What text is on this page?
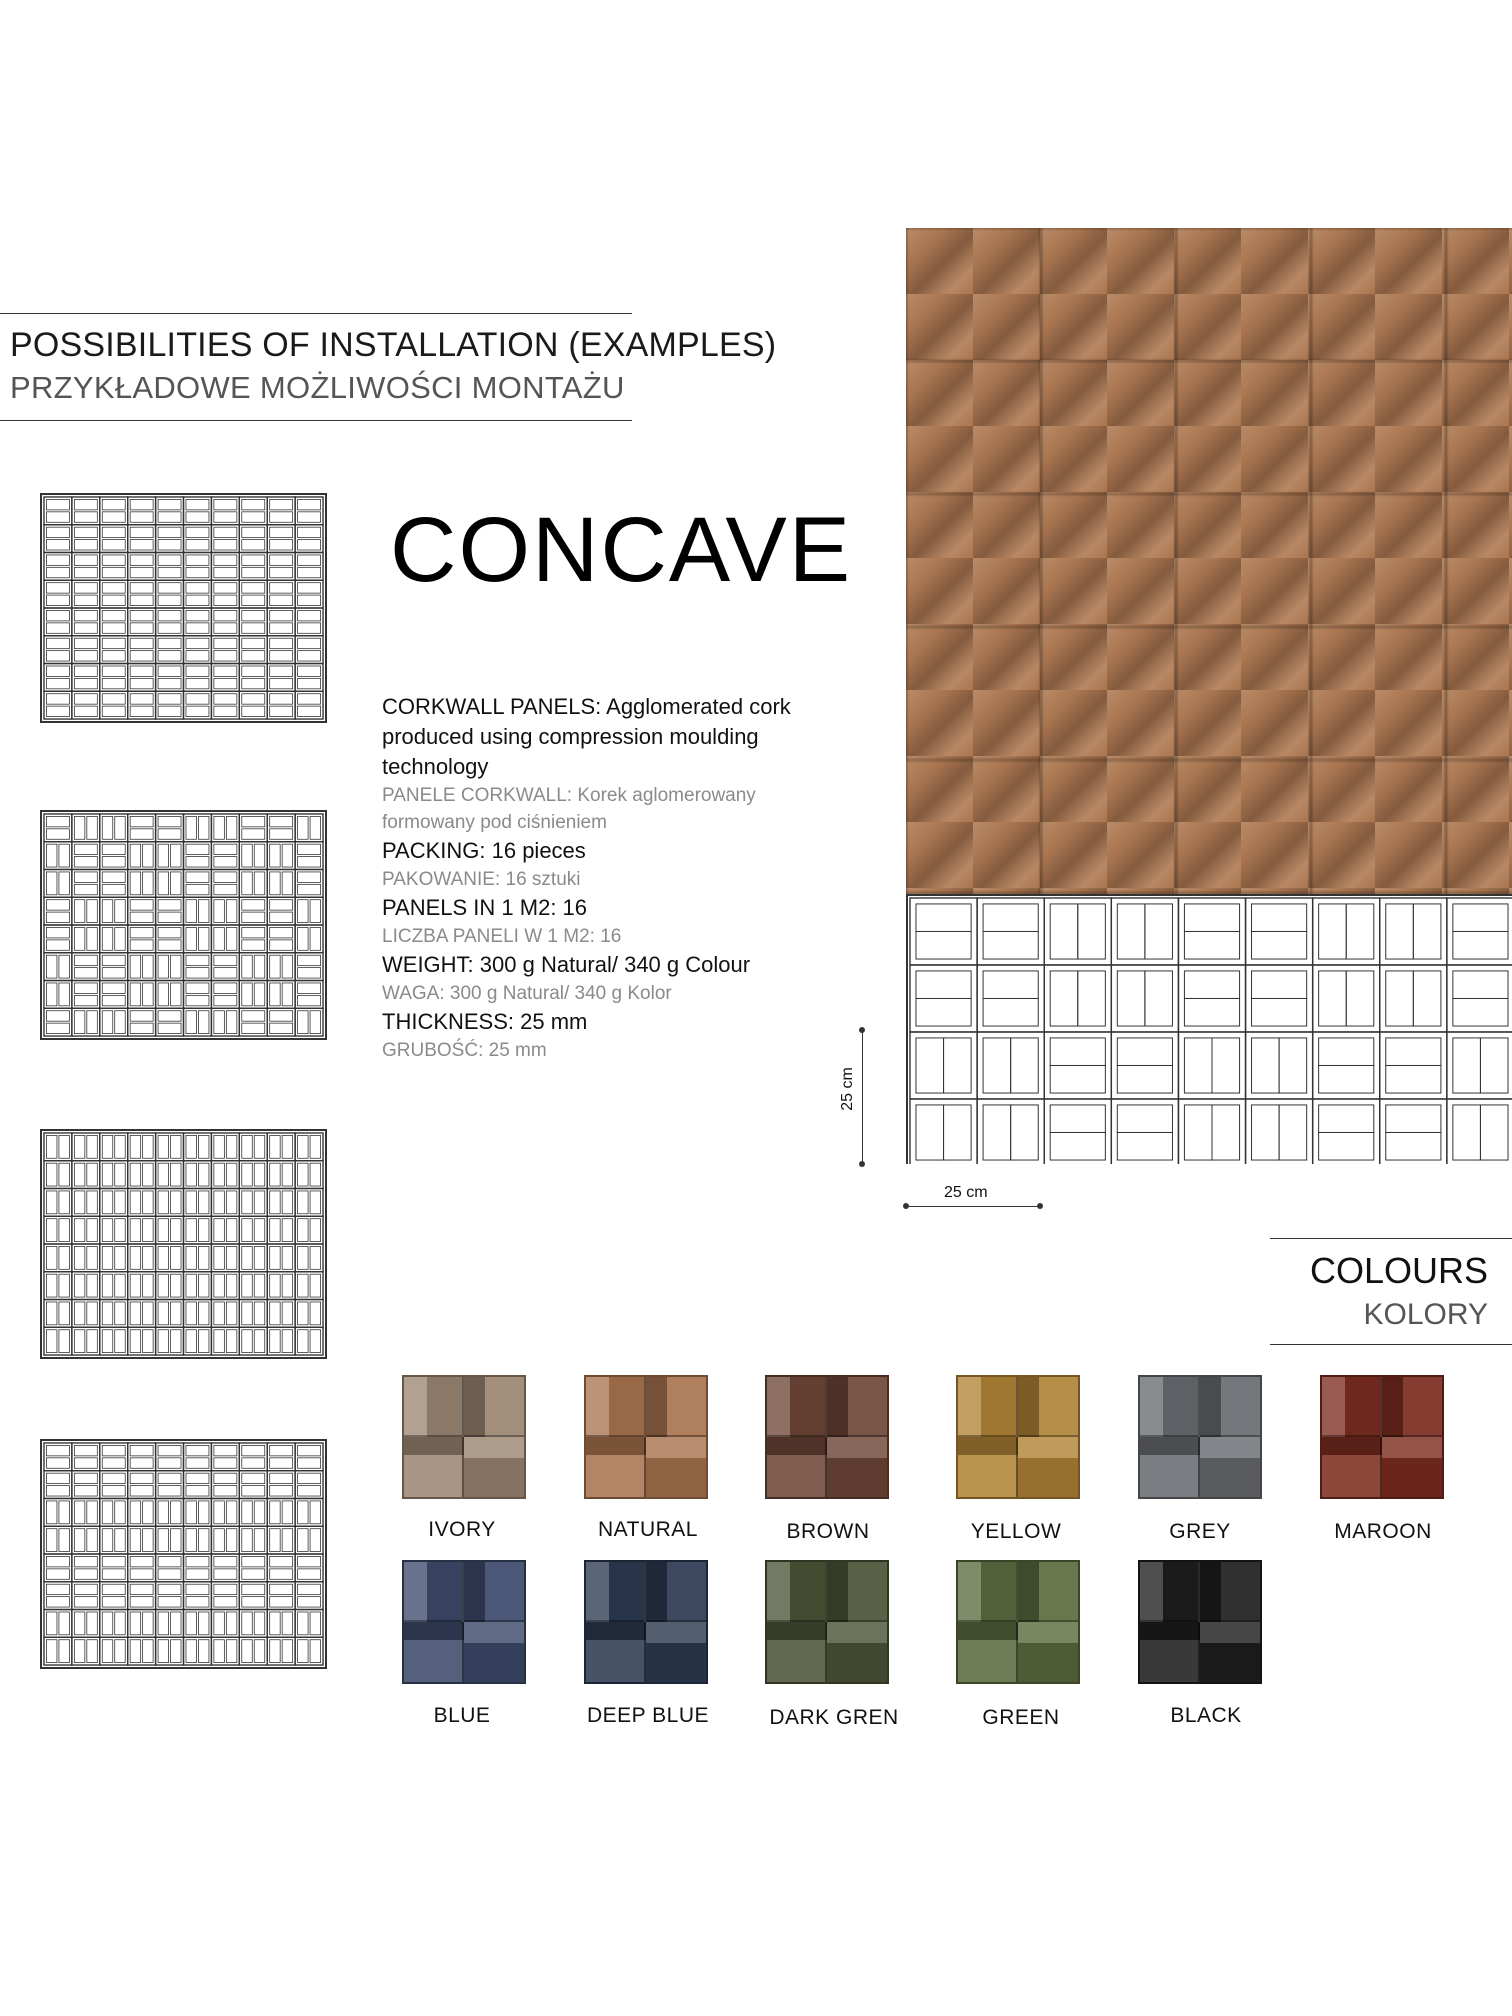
POSSIBILITIES OF INSTALLATION (EXAMPLES)
PRZYKŁADOWE MOŻLIWOŚCI MONTAŻU
CONCAVE
CORKWALL PANELS: Agglomerated cork produced using compression moulding technology
PANELE CORKWALL: Korek aglomerowany formowany pod ciśnieniem
PACKING: 16 pieces
PAKOWANIE: 16 sztuki
PANELS IN 1 M2: 16
LICZBA PANELI W 1 M2: 16
WEIGHT: 300 g Natural/ 340 g Colour
WAGA: 300 g Natural/ 340 g Kolor
THICKNESS: 25 mm
GRUBOŚĆ: 25 mm
25 cm
25 cm
COLOURS
KOLORY
IVORY	NATURAL	BROWN	YELLOW	GREY	MAROON
BLUE	DEEP BLUE	DARK GREN	GREEN	BLACK
